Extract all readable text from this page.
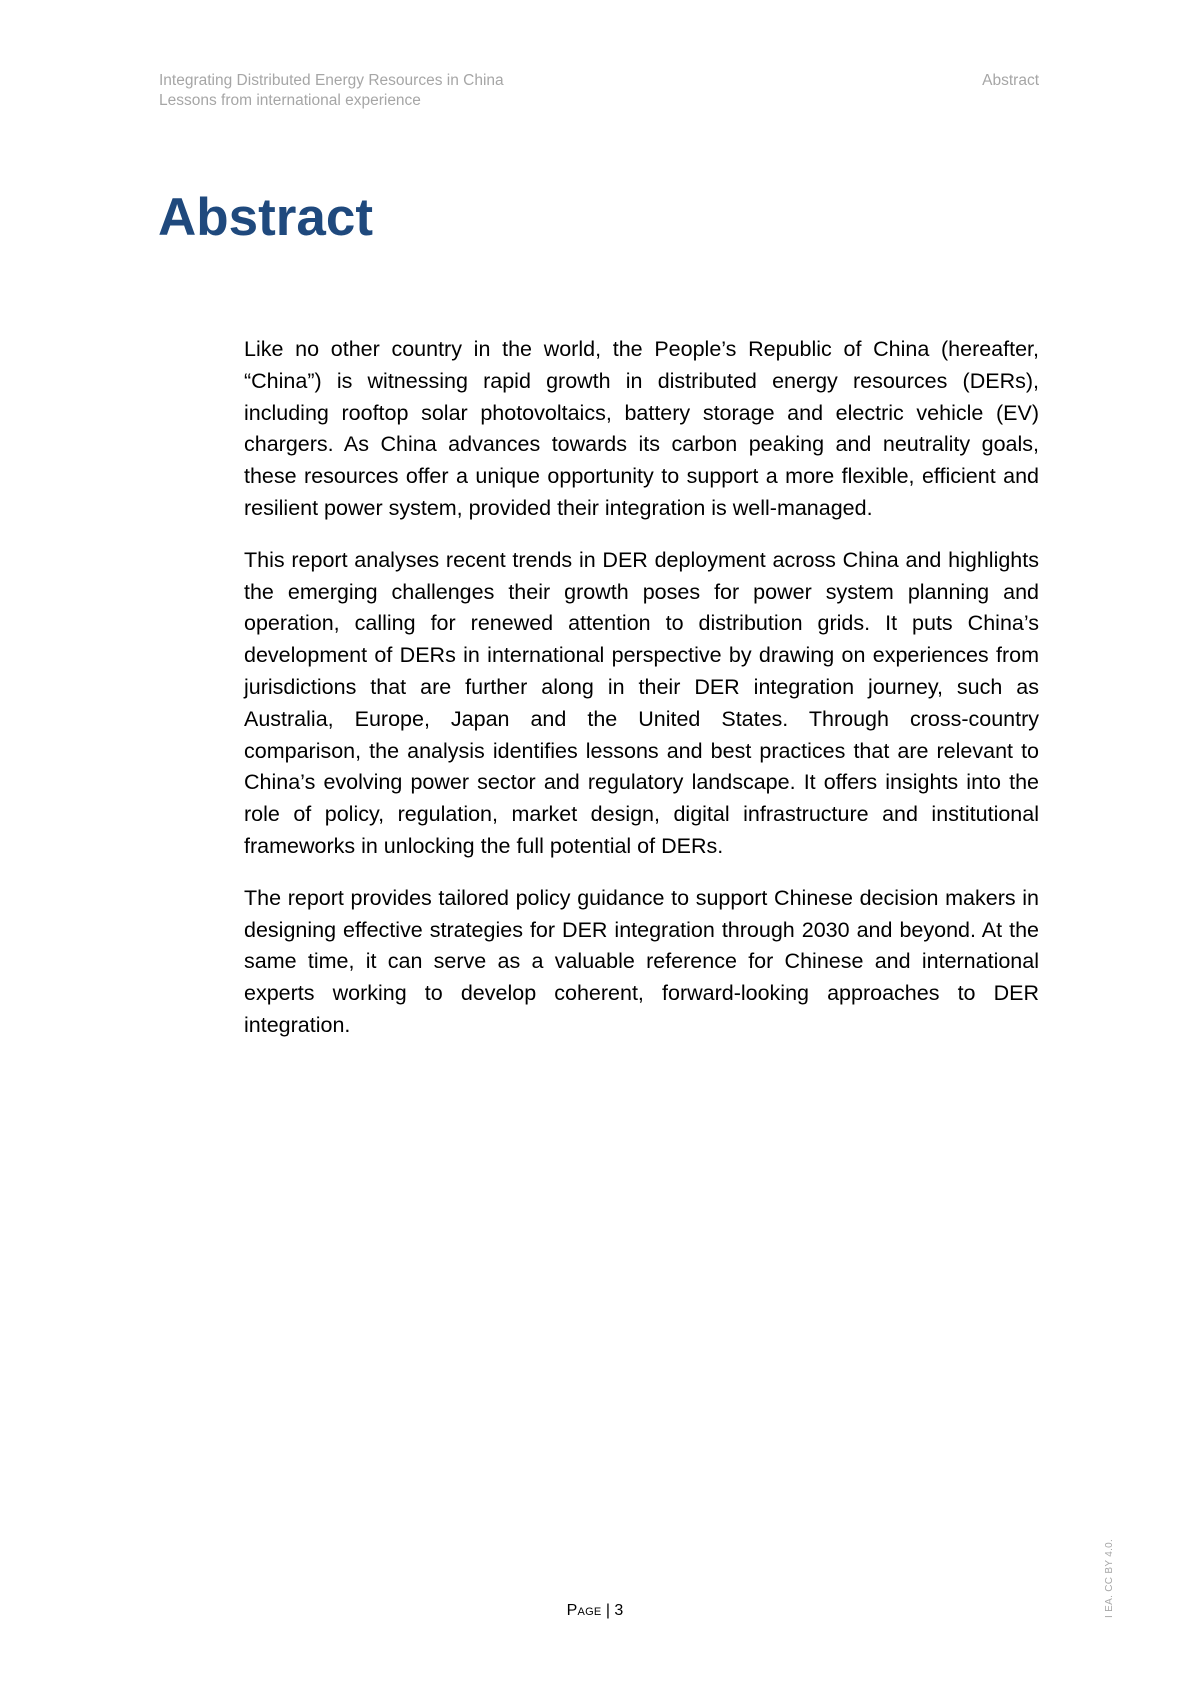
Integrating Distributed Energy Resources in China
Lessons from international experience
Abstract
Abstract

Like no other country in the world, the People’s Republic of China (hereafter, “China”) is witnessing rapid growth in distributed energy resources (DERs), including rooftop solar photovoltaics, battery storage and electric vehicle (EV) chargers. As China advances towards its carbon peaking and neutrality goals, these resources offer a unique opportunity to support a more flexible, efficient and resilient power system, provided their integration is well-managed.

This report analyses recent trends in DER deployment across China and highlights the emerging challenges their growth poses for power system planning and operation, calling for renewed attention to distribution grids. It puts China’s development of DERs in international perspective by drawing on experiences from jurisdictions that are further along in their DER integration journey, such as Australia, Europe, Japan and the United States. Through cross-country comparison, the analysis identifies lessons and best practices that are relevant to China’s evolving power sector and regulatory landscape. It offers insights into the role of policy, regulation, market design, digital infrastructure and institutional frameworks in unlocking the full potential of DERs.

The report provides tailored policy guidance to support Chinese decision makers in designing effective strategies for DER integration through 2030 and beyond. At the same time, it can serve as a valuable reference for Chinese and international experts working to develop coherent, forward-looking approaches to DER integration.

Page | 3	I EA. CC BY 4.0.
